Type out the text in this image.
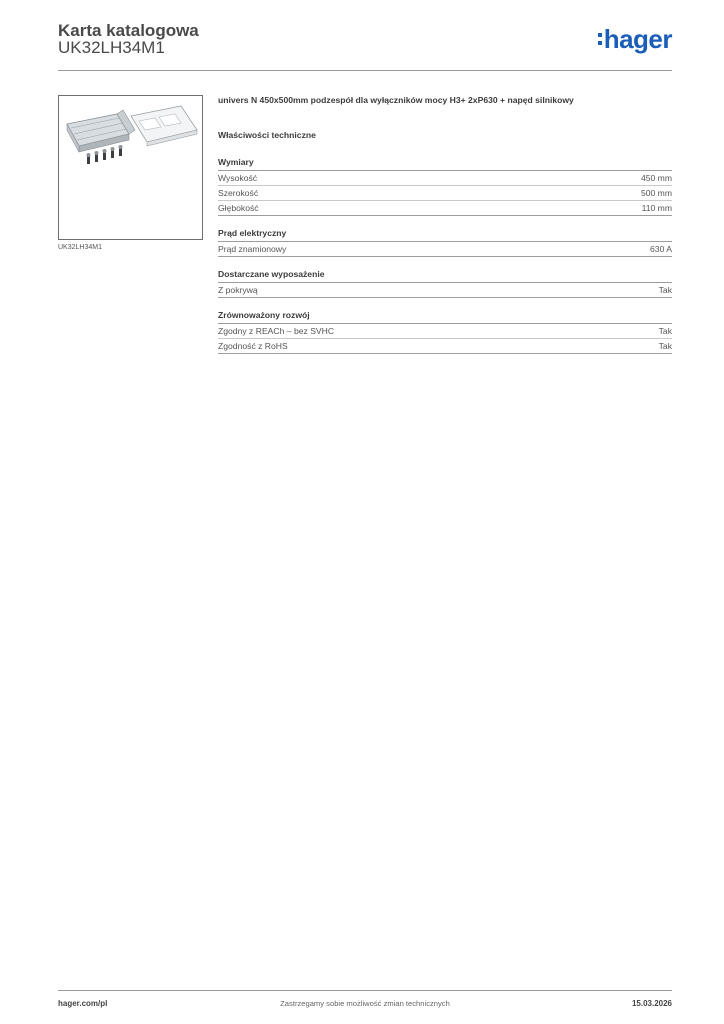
Karta katalogowa
UK32LH34M1	hager
UK32LH34M1
univers N 450x500mm podzespół dla wyłączników mocy H3+ 2xP630 + napęd silnikowy
Właściwości techniczne
Wymiary
Wysokość	450 mm
Szerokość	500 mm
Głębokość	110 mm
Prąd elektryczny
Prąd znamionowy	630 A
Dostarczane wyposażenie
Z pokrywą	Tak
Zrównoważony rozwój
Zgodny z REACh – bez SVHC	Tak
Zgodność z RoHS	Tak
hager.com/pl	Zastrzegamy sobie możliwość zmian technicznych	15.03.2026
